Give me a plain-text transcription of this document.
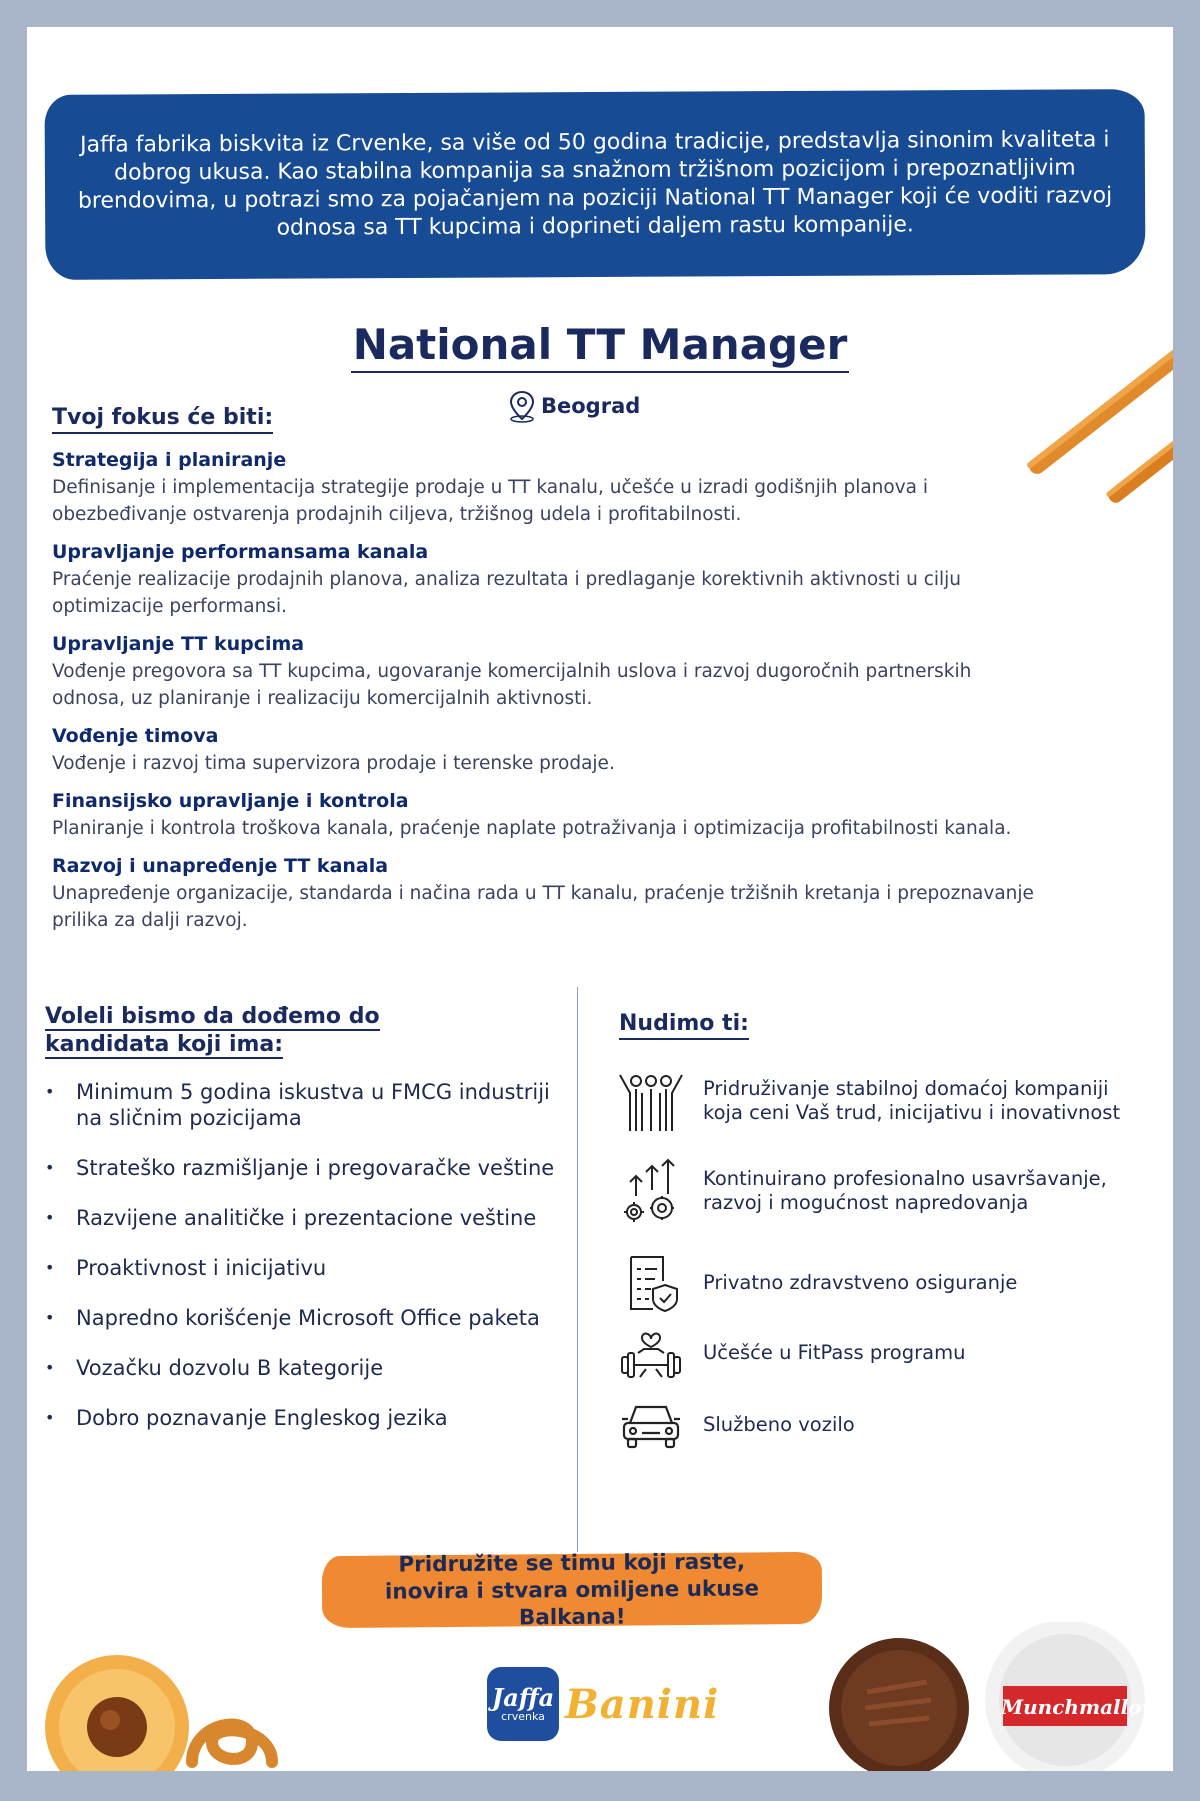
Jaffa fabrika biskvita iz Crvenke, sa više od 50 godina tradicije, predstavlja sinonim kvaliteta i dobrog ukusa. Kao stabilna kompanija sa snažnom tržišnom pozicijom i prepoznatljivim brendovima, u potrazi smo za pojačanjem na poziciji National TT Manager koji će voditi razvoj odnosa sa TT kupcima i doprineti daljem rastu kompanije.
National TT Manager
Beograd
Tvoj fokus će biti:
Strategija i planiranje
Definisanje i implementacija strategije prodaje u TT kanalu, učešće u izradi godišnjih planova i obezbeđivanje ostvarenja prodajnih ciljeva, tržišnog udela i profitabilnosti.
Upravljanje performansama kanala
Praćenje realizacije prodajnih planova, analiza rezultata i predlaganje korektivnih aktivnosti u cilju optimizacije performansi.
Upravljanje TT kupcima
Vođenje pregovora sa TT kupcima, ugovaranje komercijalnih uslova i razvoj dugoročnih partnerskih odnosa, uz planiranje i realizaciju komercijalnih aktivnosti.
Vođenje timova
Vođenje i razvoj tima supervizora prodaje i terenske prodaje.
Finansijsko upravljanje i kontrola
Planiranje i kontrola troškova kanala, praćenje naplate potraživanja i optimizacija profitabilnosti kanala.
Razvoj i unapređenje TT kanala
Unapređenje organizacije, standarda i načina rada u TT kanalu, praćenje tržišnih kretanja i prepoznavanje prilika za dalji razvoj.
Voleli bismo da dođemo do
kandidata koji ima:
• Minimum 5 godina iskustva u FMCG industriji na sličnim pozicijama
• Strateško razmišljanje i pregovaračke veštine
• Razvijene analitičke i prezentacione veštine
• Proaktivnost i inicijativu
• Napredno korišćenje Microsoft Office paketa
• Vozačku dozvolu B kategorije
• Dobro poznavanje Engleskog jezika
Nudimo ti:
Pridruživanje stabilnoj domaćoj kompaniji koja ceni Vaš trud, inicijativu i inovativnost
Kontinuirano profesionalno usavršavanje, razvoj i mogućnost napredovanja
Privatno zdravstveno osiguranje
Učešće u FitPass programu
Službeno vozilo
Pridružite se timu koji raste, inovira i stvara omiljene ukuse Balkana!
Jaffa
crvenka Banini	Munchmallow
